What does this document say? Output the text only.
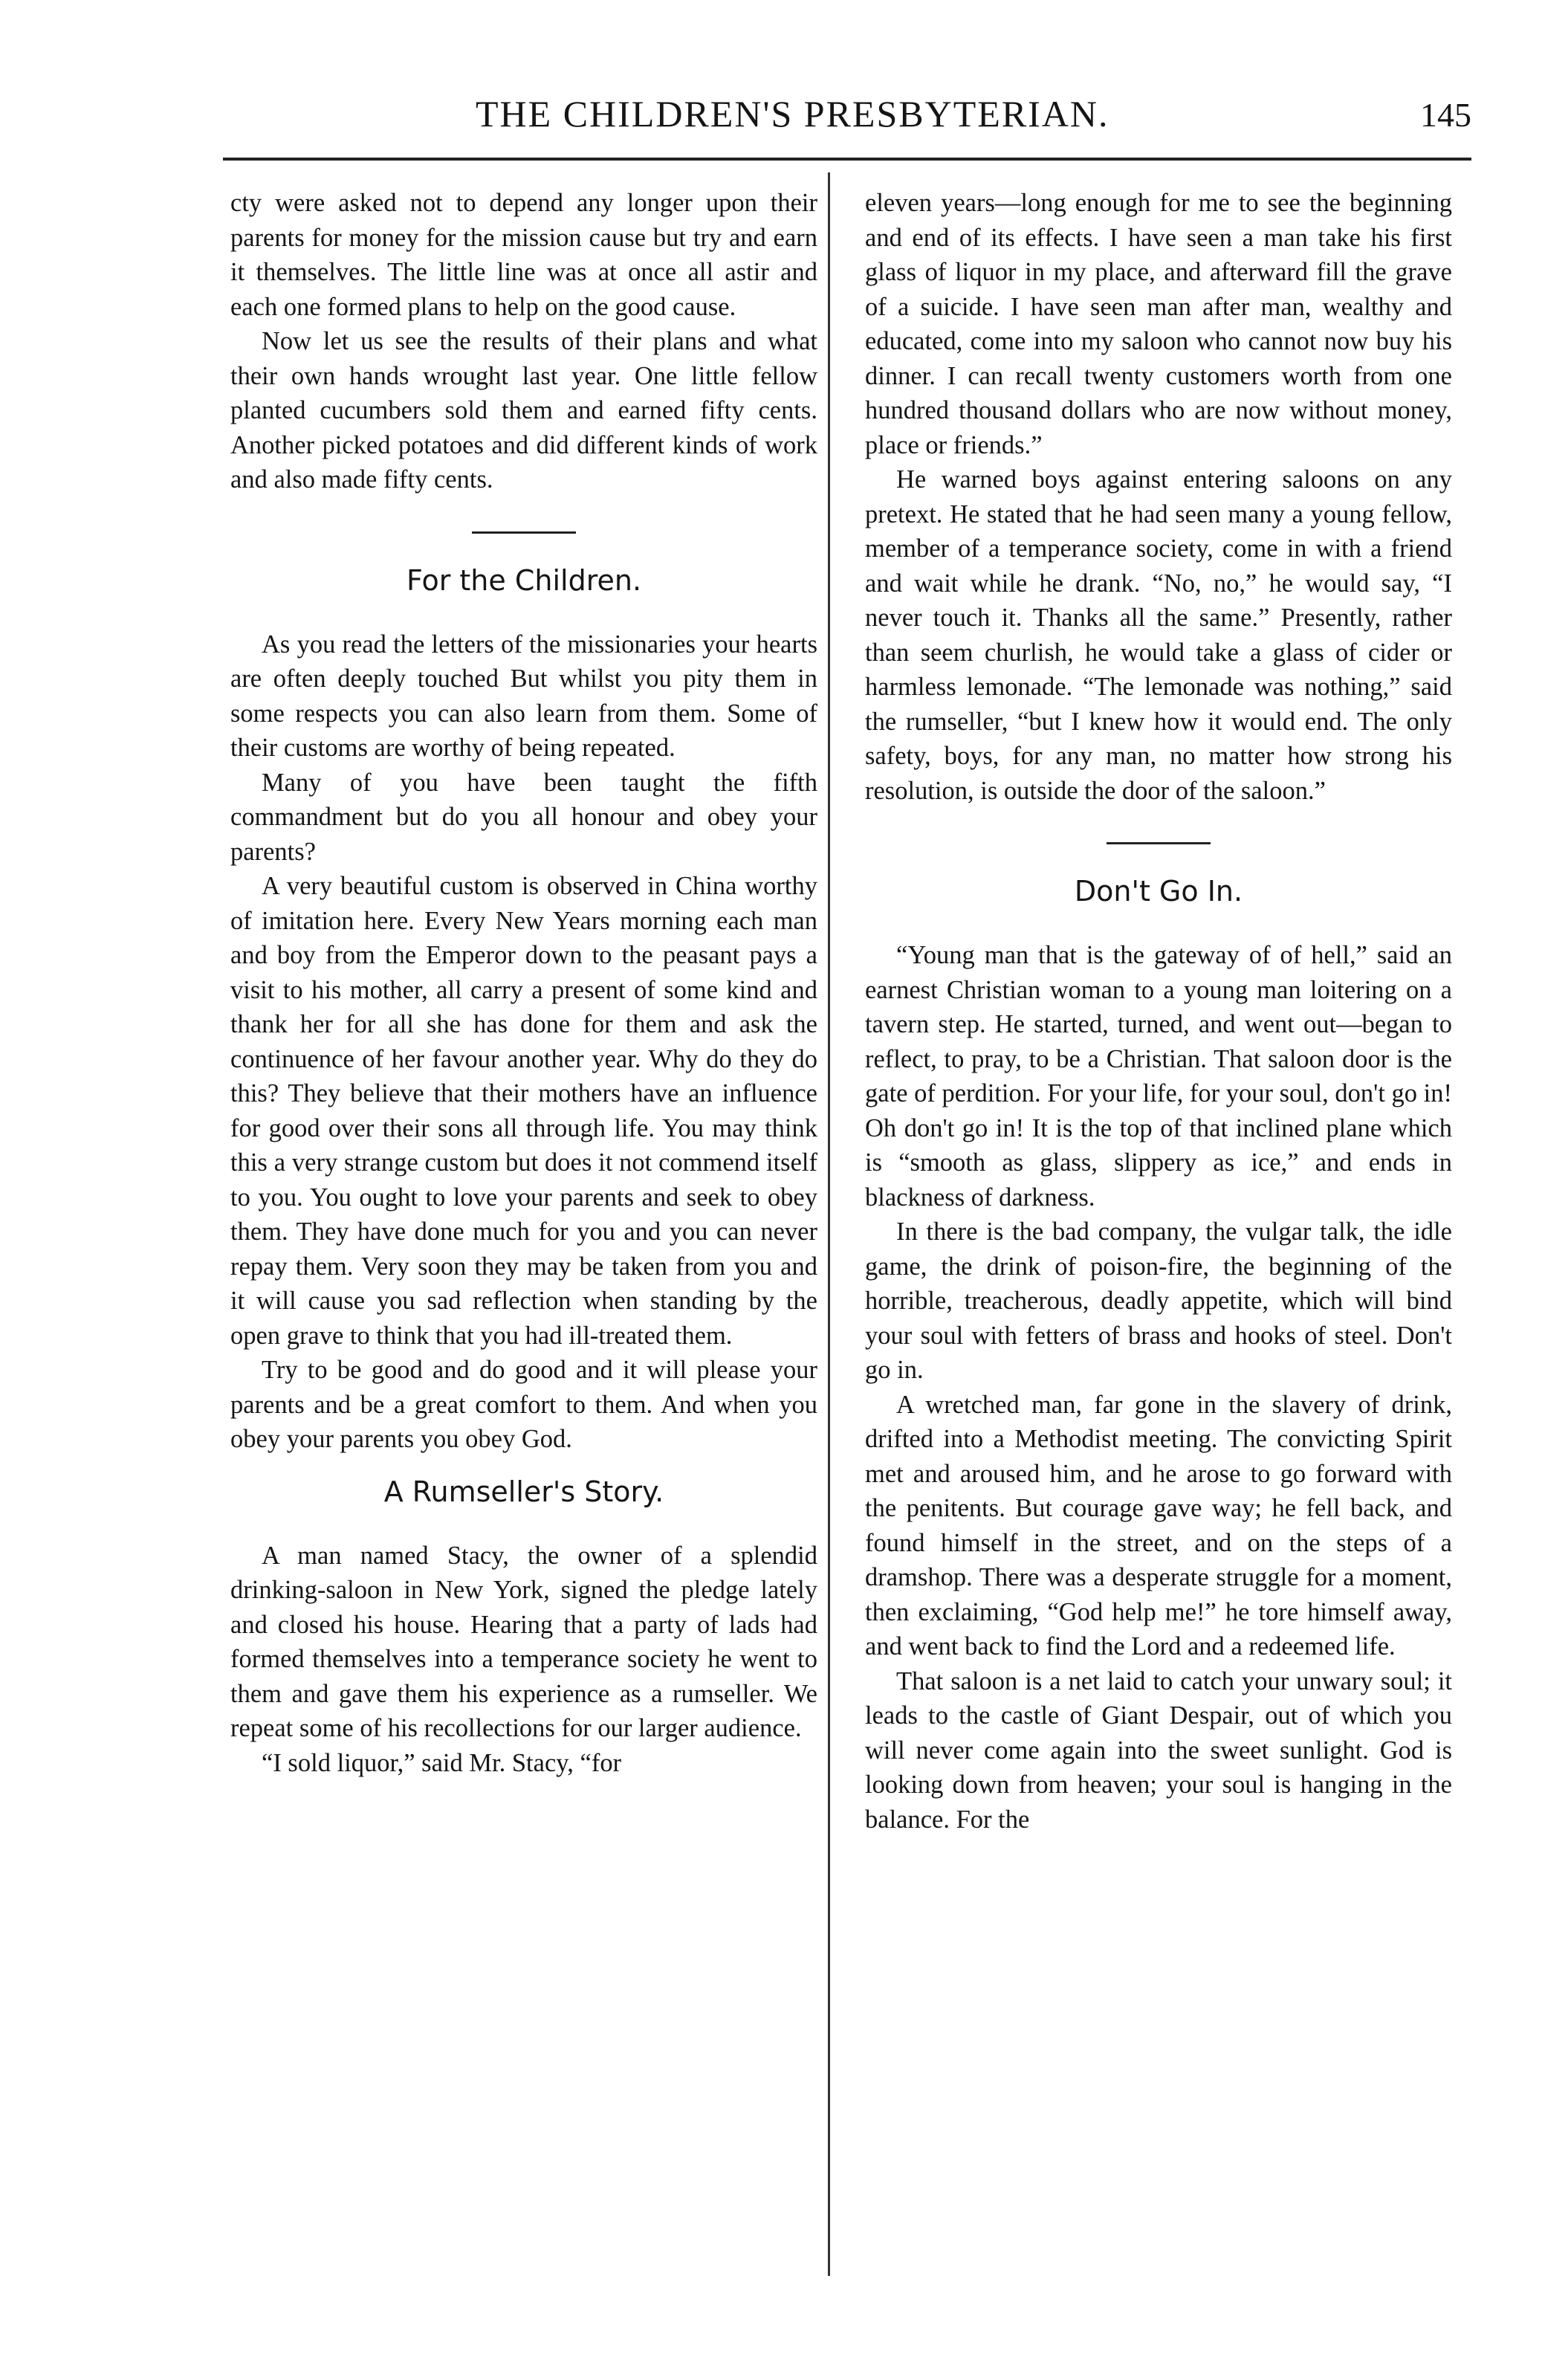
THE CHILDREN'S PRESBYTERIAN.	145

cty were asked not to depend any longer upon their parents for money for the mission cause but try and earn it themselves. The little line was at once all astir and each one formed plans to help on the good cause.

Now let us see the results of their plans and what their own hands wrought last year. One little fellow planted cucumbers sold them and earned fifty cents. Another picked potatoes and did different kinds of work and also made fifty cents.

For the Children.

As you read the letters of the missionaries your hearts are often deeply touched But whilst you pity them in some respects you can also learn from them. Some of their customs are worthy of being repeated.

Many of you have been taught the fifth commandment but do you all honour and obey your parents?

A very beautiful custom is observed in China worthy of imitation here. Every New Years morning each man and boy from the Emperor down to the peasant pays a visit to his mother, all carry a present of some kind and thank her for all she has done for them and ask the continuence of her favour another year. Why do they do this? They believe that their mothers have an influence for good over their sons all through life. You may think this a very strange custom but does it not commend itself to you. You ought to love your parents and seek to obey them. They have done much for you and you can never repay them. Very soon they may be taken from you and it will cause you sad reflection when standing by the open grave to think that you had ill-treated them.

Try to be good and do good and it will please your parents and be a great comfort to them. And when you obey your parents you obey God.

A Rumseller's Story.

A man named Stacy, the owner of a splendid drinking-saloon in New York, signed the pledge lately and closed his house. Hearing that a party of lads had formed themselves into a temperance society he went to them and gave them his experience as a rumseller. We repeat some of his recollections for our larger audience.

“I sold liquor,” said Mr. Stacy, “for

eleven years—long enough for me to see the beginning and end of its effects. I have seen a man take his first glass of liquor in my place, and afterward fill the grave of a suicide. I have seen man after man, wealthy and educated, come into my saloon who cannot now buy his dinner. I can recall twenty customers worth from one hundred thousand dollars who are now without money, place or friends.”

He warned boys against entering saloons on any pretext. He stated that he had seen many a young fellow, member of a temperance society, come in with a friend and wait while he drank. “No, no,” he would say, “I never touch it. Thanks all the same.” Presently, rather than seem churlish, he would take a glass of cider or harmless lemonade. “The lemonade was nothing,” said the rumseller, “but I knew how it would end. The only safety, boys, for any man, no matter how strong his resolution, is outside the door of the saloon.”

Don't Go In.

“Young man that is the gateway of of hell,” said an earnest Christian woman to a young man loitering on a tavern step. He started, turned, and went out—began to reflect, to pray, to be a Christian. That saloon door is the gate of perdition. For your life, for your soul, don't go in! Oh don't go in! It is the top of that inclined plane which is “smooth as glass, slippery as ice,” and ends in blackness of darkness.

In there is the bad company, the vulgar talk, the idle game, the drink of poison-fire, the beginning of the horrible, treacherous, deadly appetite, which will bind your soul with fetters of brass and hooks of steel. Don't go in.

A wretched man, far gone in the slavery of drink, drifted into a Methodist meeting. The convicting Spirit met and aroused him, and he arose to go forward with the penitents. But courage gave way; he fell back, and found himself in the street, and on the steps of a dramshop. There was a desperate struggle for a moment, then exclaiming, “God help me!” he tore himself away, and went back to find the Lord and a redeemed life.

That saloon is a net laid to catch your unwary soul; it leads to the castle of Giant Despair, out of which you will never come again into the sweet sunlight. God is looking down from heaven; your soul is hanging in the balance. For the
